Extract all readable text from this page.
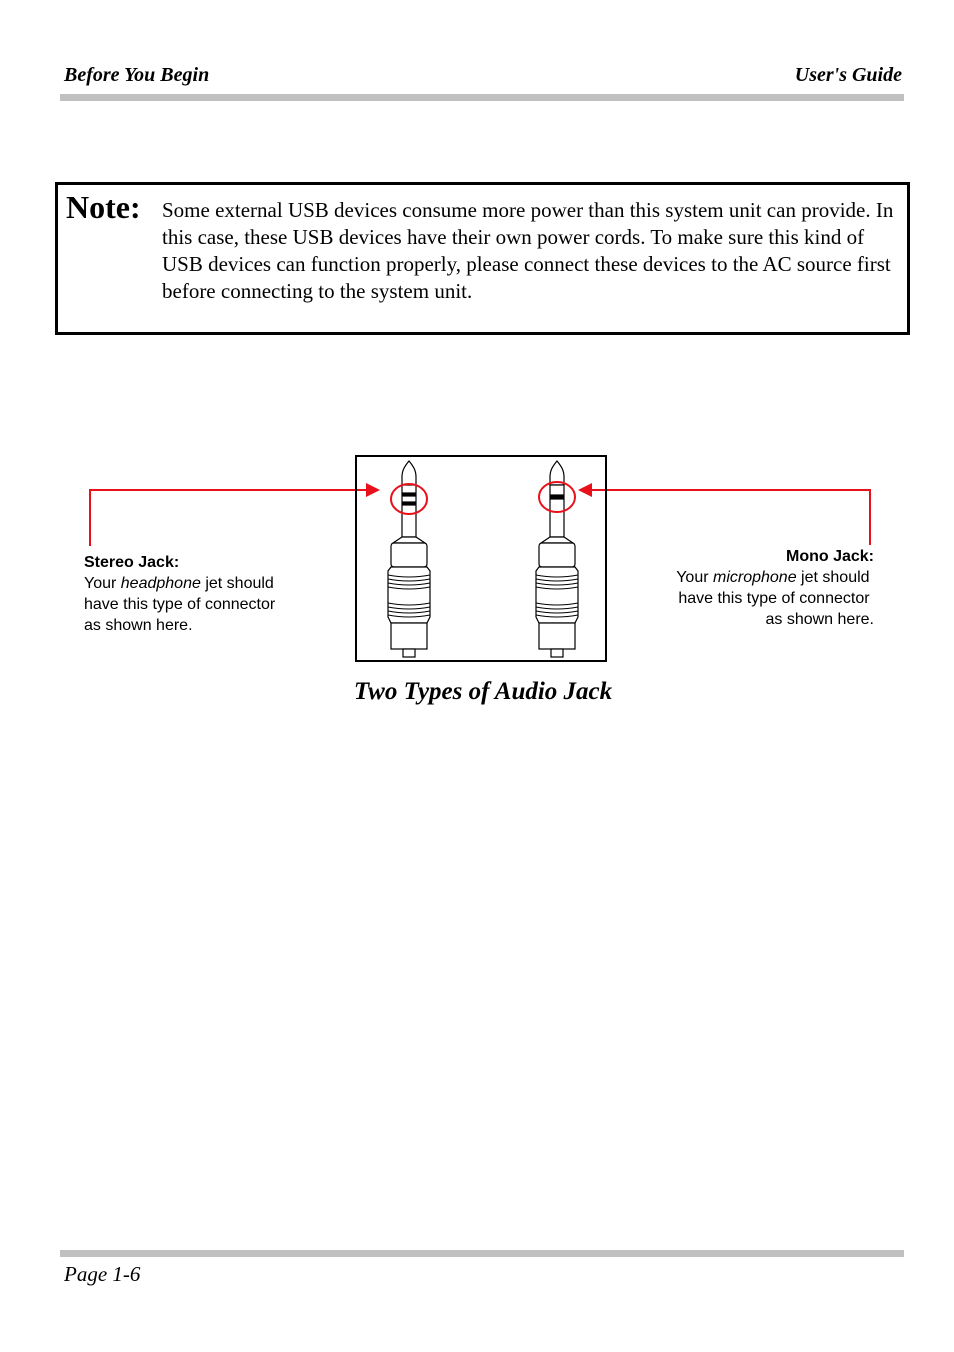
Before You Begin	User's Guide
Note: Some external USB devices consume more power than this system unit can provide. In this case, these USB devices have their own power cords. To make sure this kind of USB devices can function properly, please connect these devices to the AC source first before connecting to the system unit.
Stereo Jack:
Your headphone jet should
have this type of connector
as shown here.
Mono Jack:
Your microphone jet should
have this type of connector
as shown here.
Two Types of Audio Jack
Page 1-6
